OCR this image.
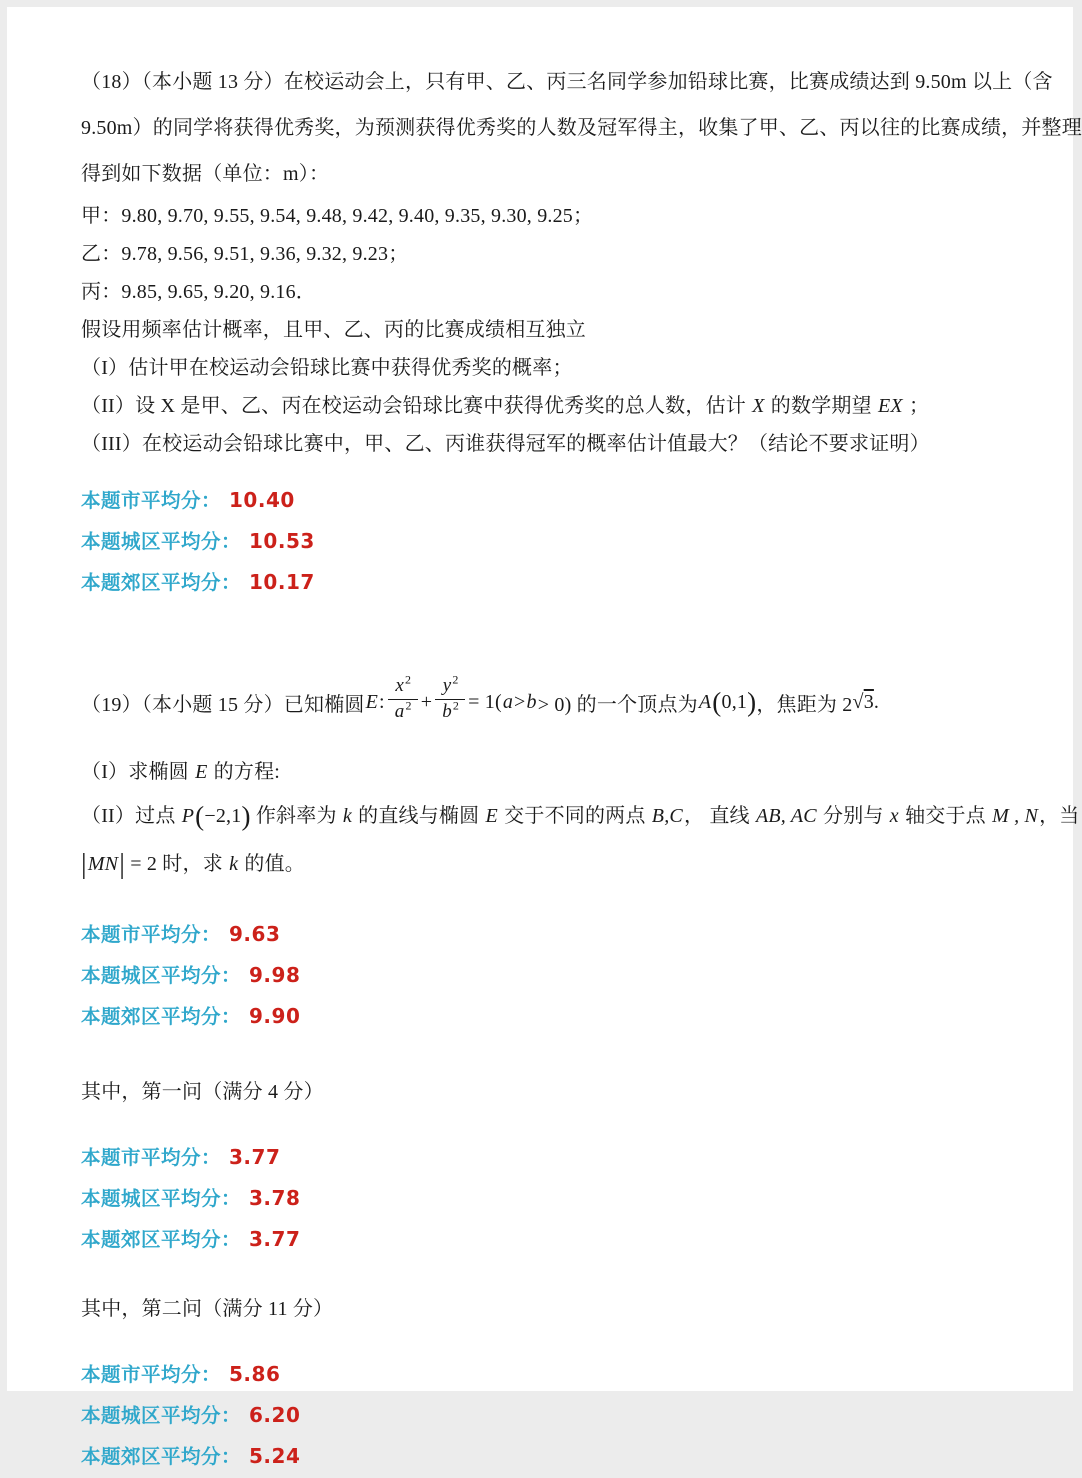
（18）（本小题 13 分）在校运动会上，只有甲、乙、丙三名同学参加铅球比赛，比赛成绩达到 9.50m 以上（含
9.50m）的同学将获得优秀奖，为预测获得优秀奖的人数及冠军得主，收集了甲、乙、丙以往的比赛成绩，并整理
得到如下数据（单位：m）：
甲：9.80, 9.70, 9.55, 9.54, 9.48, 9.42, 9.40, 9.35, 9.30, 9.25；
乙：9.78, 9.56, 9.51, 9.36, 9.32, 9.23；
丙：9.85, 9.65, 9.20, 9.16．
假设用频率估计概率，且甲、乙、丙的比赛成绩相互独立
（I）估计甲在校运动会铅球比赛中获得优秀奖的概率；
（II）设 X 是甲、乙、丙在校运动会铅球比赛中获得优秀奖的总人数，估计 X 的数学期望 EX ；
（III）在校运动会铅球比赛中，甲、乙、丙谁获得冠军的概率估计值最大？（结论不要求证明）
本题市平均分： 10.40
本题城区平均分： 10.53
本题郊区平均分： 10.17
（19）（本小题 15 分）已知椭圆 E : $\frac{x^2}{a^2} + \frac{y^2}{b^2} = 1$( a > b > 0) 的一个顶点为 A ( 0,1 ) ，焦距为 2 √3 .
（I）求椭圆 E 的方程:
（II）过点 P(−2,1) 作斜率为 k 的直线与椭圆 E 交于不同的两点 B,C， 直线 AB, AC 分别与 x 轴交于点 M , N，当
|MN| = 2 时，求 k 的值。
本题市平均分： 9.63
本题城区平均分： 9.98
本题郊区平均分： 9.90
其中，第一问（满分 4 分）
本题市平均分： 3.77
本题城区平均分： 3.78
本题郊区平均分： 3.77
其中，第二问（满分 11 分）
本题市平均分： 5.86
本题城区平均分： 6.20
本题郊区平均分： 5.24
